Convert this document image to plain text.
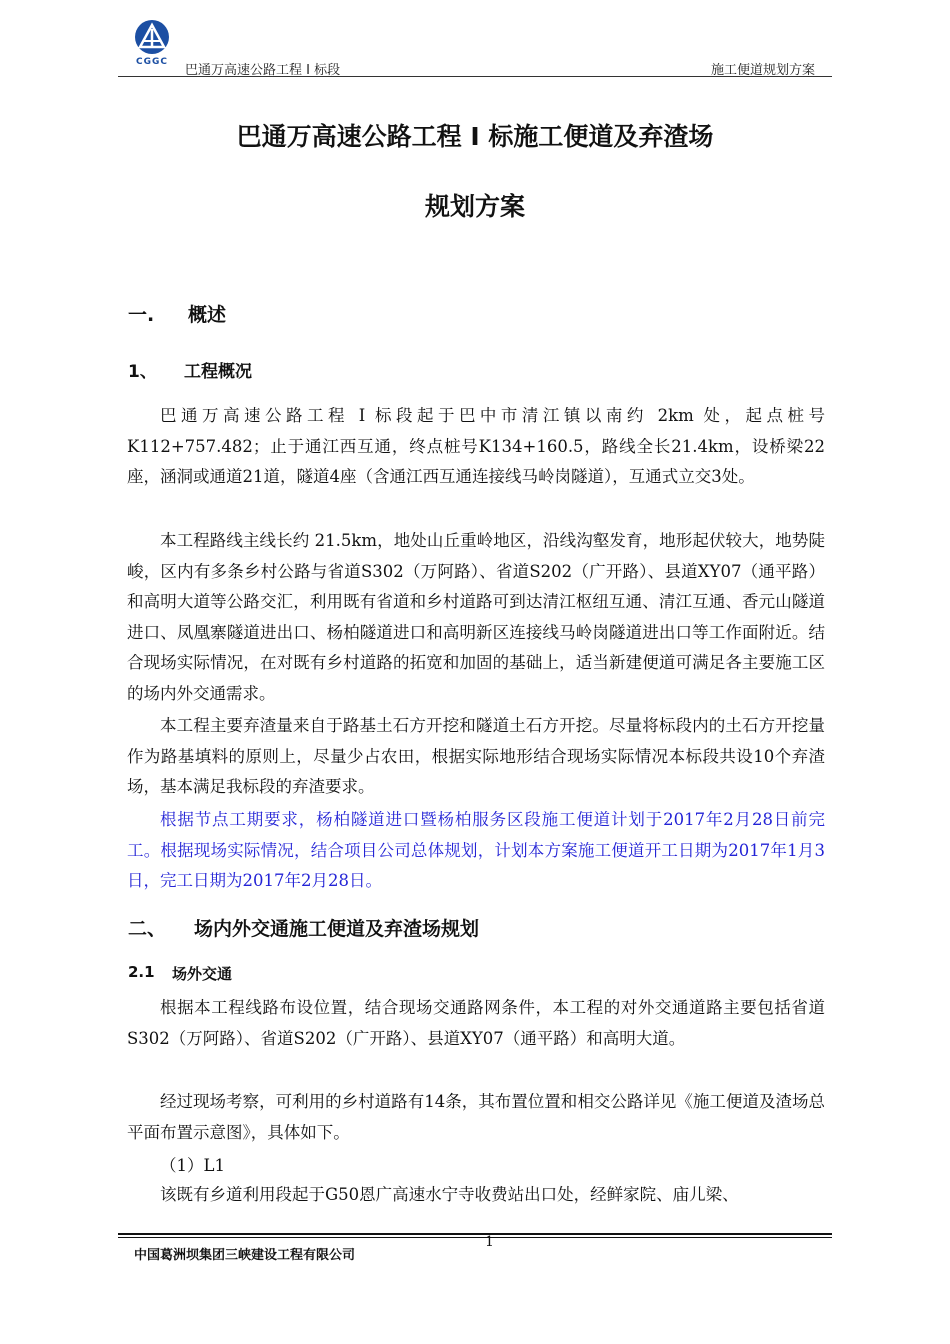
CGGC
巴通万高速公路工程 I 标段	施工便道规划方案
巴通万高速公路工程 I 标施工便道及弃渣场
规划方案
一. 概述
1、 工程概况

巴通万高速公路工程 I 标段起于巴中市清江镇以南约 2km 处，起点桩号K112+757.482；止于通江西互通，终点桩号K134+160.5，路线全长21.4km，设桥梁22座，涵洞或通道21道，隧道4座（含通江西互通连接线马岭岗隧道），互通式立交3处。

本工程路线主线长约 21.5km，地处山丘重岭地区，沿线沟壑发育，地形起伏较大，地势陡峻，区内有多条乡村公路与省道S302（万阿路）、省道S202（广开路）、县道XY07（通平路）和高明大道等公路交汇，利用既有省道和乡村道路可到达清江枢纽互通、清江互通、香元山隧道进口、凤凰寨隧道进出口、杨柏隧道进口和高明新区连接线马岭岗隧道进出口等工作面附近。结合现场实际情况，在对既有乡村道路的拓宽和加固的基础上，适当新建便道可满足各主要施工区的场内外交通需求。

本工程主要弃渣量来自于路基土石方开挖和隧道土石方开挖。尽量将标段内的土石方开挖量作为路基填料的原则上，尽量少占农田，根据实际地形结合现场实际情况本标段共设10个弃渣场，基本满足我标段的弃渣要求。

根据节点工期要求，杨柏隧道进口暨杨柏服务区段施工便道计划于2017年2月28日前完工。根据现场实际情况，结合项目公司总体规划，计划本方案施工便道开工日期为2017年1月3日，完工日期为2017年2月28日。

二、 场内外交通施工便道及弃渣场规划
2.1 场外交通

根据本工程线路布设位置，结合现场交通路网条件，本工程的对外交通道路主要包括省道S302（万阿路）、省道S202（广开路）、县道XY07（通平路）和高明大道。

经过现场考察，可利用的乡村道路有14条，其布置位置和相交公路详见《施工便道及渣场总平面布置示意图》，具体如下。

（1）L1

该既有乡道利用段起于G50恩广高速水宁寺收费站出口处，经鲜家院、庙儿梁、

1
中国葛洲坝集团三峡建设工程有限公司
